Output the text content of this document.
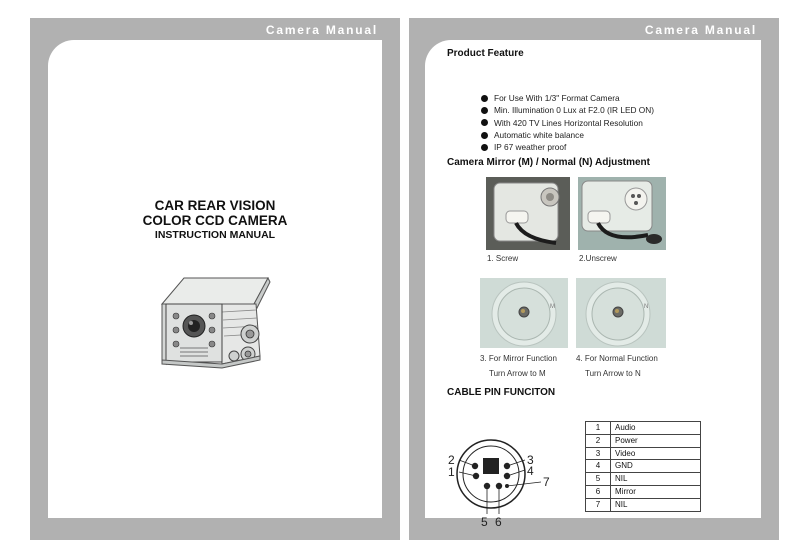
Camera Manual
CAR REAR VISION
COLOR CCD CAMERA
INSTRUCTION MANUAL
Camera Manual
Product Feature
For Use With 1/3" Format Camera
Min. Illumination 0 Lux at F2.0 (IR LED ON)
With 420 TV Lines Horizontal Resolution
Automatic white balance
IP 67 weather proof
Camera Mirror (M) / Normal (N) Adjustment
1. Screw	2.Unscrew
M	N
3. For Mirror Function
Turn Arrow to M
4. For Normal Function
Turn Arrow to N
CABLE PIN FUNCITON
2
1
3
4
7
5 6
1	Audio
2	Power
3	Video
4	GND
5	NIL
6	Mirror
7	NIL
